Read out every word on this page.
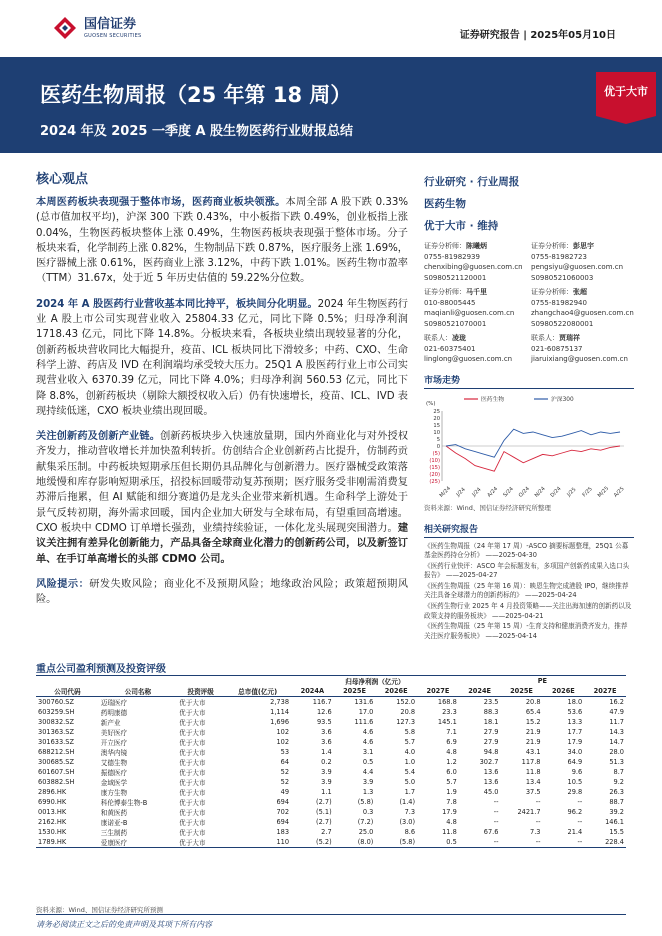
国信证券
GUOSEN SECURITIES	证券研究报告 | 2025年05月10日
医药生物周报（25 年第 18 周）
2024 年及 2025 一季度 A 股生物医药行业财报总结
优于大市
核心观点

本周医药板块表现强于整体市场，医药商业板块领涨。本周全部 A 股下跌 0.33%(总市值加权平均)，沪深 300 下跌 0.43%，中小板指下跌 0.49%，创业板指上涨 0.04%，生物医药板块整体上涨 0.49%，生物医药板块表现强于整体市场。分子板块来看，化学制药上涨 0.82%，生物制品下跌 0.87%，医疗服务上涨 1.69%，医疗器械上涨 0.61%，医药商业上涨 3.12%，中药下跌 1.01%。医药生物市盈率（TTM）31.67x，处于近 5 年历史估值的 59.22%分位数。

2024 年 A 股医药行业营收基本同比持平，板块间分化明显。2024 年生物医药行业 A 股上市公司实现营业收入 25804.33 亿元，同比下降 0.5%；归母净利润 1718.43 亿元，同比下降 14.8%。分板块来看，各板块业绩出现较显著的分化，创新药板块营收同比大幅提升，疫苗、ICL 板块同比下滑较多；中药、CXO、生命科学上游、药店及 IVD 在利润端均承受较大压力。25Q1 A 股医药行业上市公司实现营业收入 6370.39 亿元，同比下降 4.0%；归母净利润 560.53 亿元，同比下降 8.8%，创新药板块（剔除大额授权收入后）仍有快速增长，疫苗、ICL、IVD 表现持续低迷，CXO 板块业绩出现回暖。

关注创新药及创新产业链。创新药板块步入快速放量期，国内外商业化与对外授权齐发力，推动营收增长并加快盈利转折。仿创结合企业创新药占比提升，仿制药贡献集采压制。中药板块短期承压但长期仍具品牌化与创新潜力。医疗器械受政策落地缓慢和库存影响短期承压，招投标回暖带动复苏预期；医疗服务受非刚需消费复苏滞后拖累，但 AI 赋能和细分赛道仍是龙头企业带来新机遇。生命科学上游处于景气反转初期，海外需求回暖，国内企业加大研发与全球布局，有望重回高增速。CXO 板块中 CDMO 订单增长强劲，业绩持续验证，一体化龙头展现突围潜力。建议关注拥有差异化创新能力，产品具备全球商业化潜力的创新药公司，以及新签订单、在手订单高增长的头部 CDMO 公司。

风险提示：研发失败风险；商业化不及预期风险；地缘政治风险；政策超预期风险。

行业研究 · 行业周报
医药生物
优于大市 · 维持
证券分析师：陈曦炳
0755-81982939
chenxibing@guosen.com.cn
S0980521120001
证券分析师：彭思宇
0755-81982723
pengsiyu@guosen.com.cn
S0980521060003
证券分析师：马千里
010-88005445
maqianli@guosen.com.cn
S0980521070001
证券分析师：张超
0755-81982940
zhangchao4@guosen.com.cn
S0980522080001
联系人：凌珑
021-60375401
linglong@guosen.com.cn
联系人：贾瑞祥
021-60875137
jiaruixiang@guosen.com.cn
市场走势
(%)
25
20
15
10
5
0
(5)
(10)
(15)
(20)
(25)
M/24 J/24 J/24 A/24 S/24 O/24 N/24 D/24 J/25 F/25 M/25 A/25
医药生物	沪深300
资料来源：Wind、国信证券经济研究所整理
相关研究报告
《医药生物周报（24 年第 17 周）-ASCO 摘要标题整理，25Q1 公募基金医药持仓分析》 ——2025-04-30
《医药行业快评：ASCO 年会标题发布，多项国产创新药成果入选口头报告》 ——2025-04-27
《医药生物周报（25 年第 16 周）：映恩生物完成港股 IPO，继续推荐关注具备全球潜力的创新药标的》 ——2025-04-24
《医药生物行业 2025 年 4 月投资策略——关注出海加速的创新药以及政策支持的服务板块》 ——2025-04-21
《医药生物周报（25 年第 15 周）-生育支持和健康消费齐发力，推荐关注医疗服务板块》 ——2025-04-14
重点公司盈利预测及投资评级
				归母净利润（亿元）				PE			
公司代码	公司名称	投资评级	总市值(亿元)	2024A	2025E	2026E	2027E	2024E	2025E	2026E	2027E
300760.SZ	迈瑞医疗	优于大市	2,738	116.7	131.6	152.0	168.8	23.5	20.8	18.0	16.2
603259.SH	药明康德	优于大市	1,114	12.6	17.0	20.8	23.3	88.3	65.4	53.6	47.9
300832.SZ	新产业	优于大市	1,696	93.5	111.6	127.3	145.1	18.1	15.2	13.3	11.7
301363.SZ	美好医疗	优于大市	102	3.6	4.6	5.8	7.1	27.9	21.9	17.7	14.3
301633.SZ	开立医疗	优于大市	102	3.6	4.6	5.7	6.9	27.9	21.9	17.9	14.7
688212.SH	澳华内镜	优于大市	53	1.4	3.1	4.0	4.8	94.8	43.1	34.0	28.0
300685.SZ	艾德生物	优于大市	64	0.2	0.5	1.0	1.2	302.7	117.8	64.9	51.3
601607.SH	振德医疗	优于大市	52	3.9	4.4	5.4	6.0	13.6	11.8	9.6	8.7
603882.SH	金域医学	优于大市	52	3.9	3.9	5.0	5.7	13.6	13.4	10.5	9.2
2896.HK	康方生物	优于大市	49	1.1	1.3	1.7	1.9	45.0	37.5	29.8	26.3
6990.HK	科伦博泰生物-B	优于大市	694	(2.7)	(5.8)	(1.4)	7.8	--	--	--	88.7
0013.HK	和黄医药	优于大市	702	(5.1)	0.3	7.3	17.9	--	2421.7	96.2	39.2
2162.HK	康诺亚-B	优于大市	694	(2.7)	(7.2)	(3.0)	4.8	--	--	--	146.1
1530.HK	三生制药	优于大市	183	2.7	25.0	8.6	11.8	67.6	7.3	21.4	15.5
1789.HK	爱康医疗	优于大市	110	(5.2)	(8.0)	(5.8)	0.5	--	--	--	228.4
资料来源：Wind、国信证券经济研究所预测
请务必阅读正文之后的免责声明及其项下所有内容
